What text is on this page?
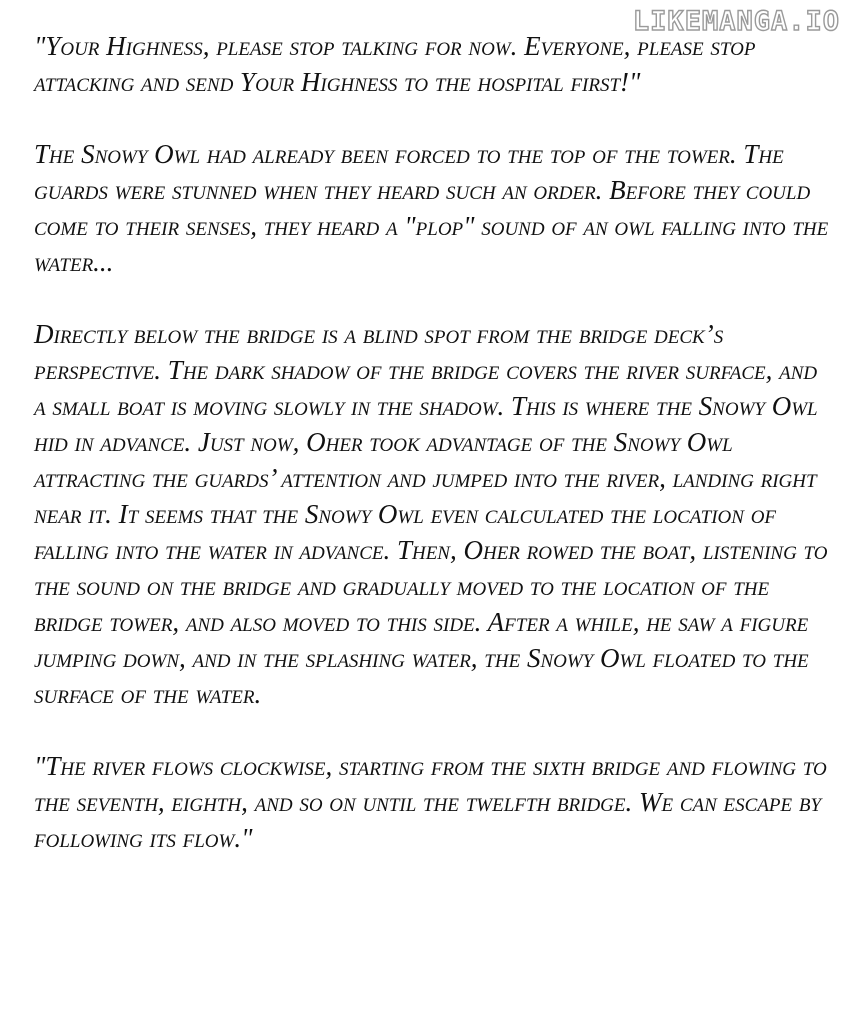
LIKEMANGA.IO

"Your Highness, please stop talking for now. Everyone, please stop attacking and send Your Highness to the hospital first!"

The Snowy Owl had already been forced to the top of the tower. The guards were stunned when they heard such an order. Before they could come to their senses, they heard a "plop" sound of an owl falling into the water...

Directly below the bridge is a blind spot from the bridge deck’s perspective. The dark shadow of the bridge covers the river surface, and a small boat is moving slowly in the shadow. This is where the Snowy Owl hid in advance. Just now, Oher took advantage of the Snowy Owl attracting the guards’ attention and jumped into the river, landing right near it. It seems that the Snowy Owl even calculated the location of falling into the water in advance. Then, Oher rowed the boat, listening to the sound on the bridge and gradually moved to the location of the bridge tower, and also moved to this side. After a while, he saw a figure jumping down, and in the splashing water, the Snowy Owl floated to the surface of the water.

"The river flows clockwise, starting from the sixth bridge and flowing to the seventh, eighth, and so on until the twelfth bridge. We can escape by following its flow."
